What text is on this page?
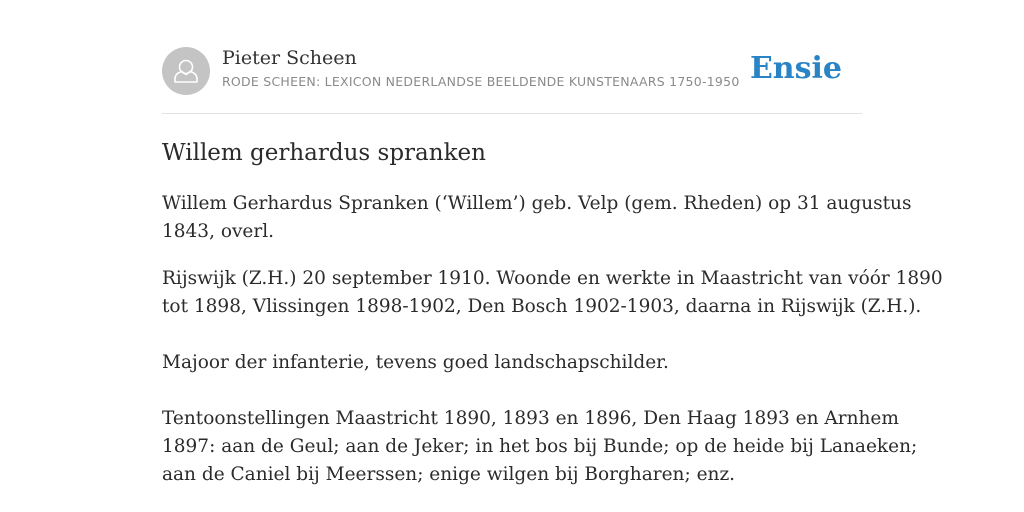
Pieter Scheen
RODE SCHEEN: LEXICON NEDERLANDSE BEELDENDE KUNSTENAARS 1750-1950 Ensie
Willem gerhardus spranken

Willem Gerhardus Spranken (‘Willem’) geb. Velp (gem. Rheden) op 31 augustus
1843, overl.

Rijswijk (Z.H.) 20 september 1910. Woonde en werkte in Maastricht van vóór 1890
tot 1898, Vlissingen 1898-1902, Den Bosch 1902-1903, daarna in Rijswijk (Z.H.).

Majoor der infanterie, tevens goed landschapschilder.

Tentoonstellingen Maastricht 1890, 1893 en 1896, Den Haag 1893 en Arnhem
1897: aan de Geul; aan de Jeker; in het bos bij Bunde; op de heide bij Lanaeken;
aan de Caniel bij Meerssen; enige wilgen bij Borgharen; enz.
